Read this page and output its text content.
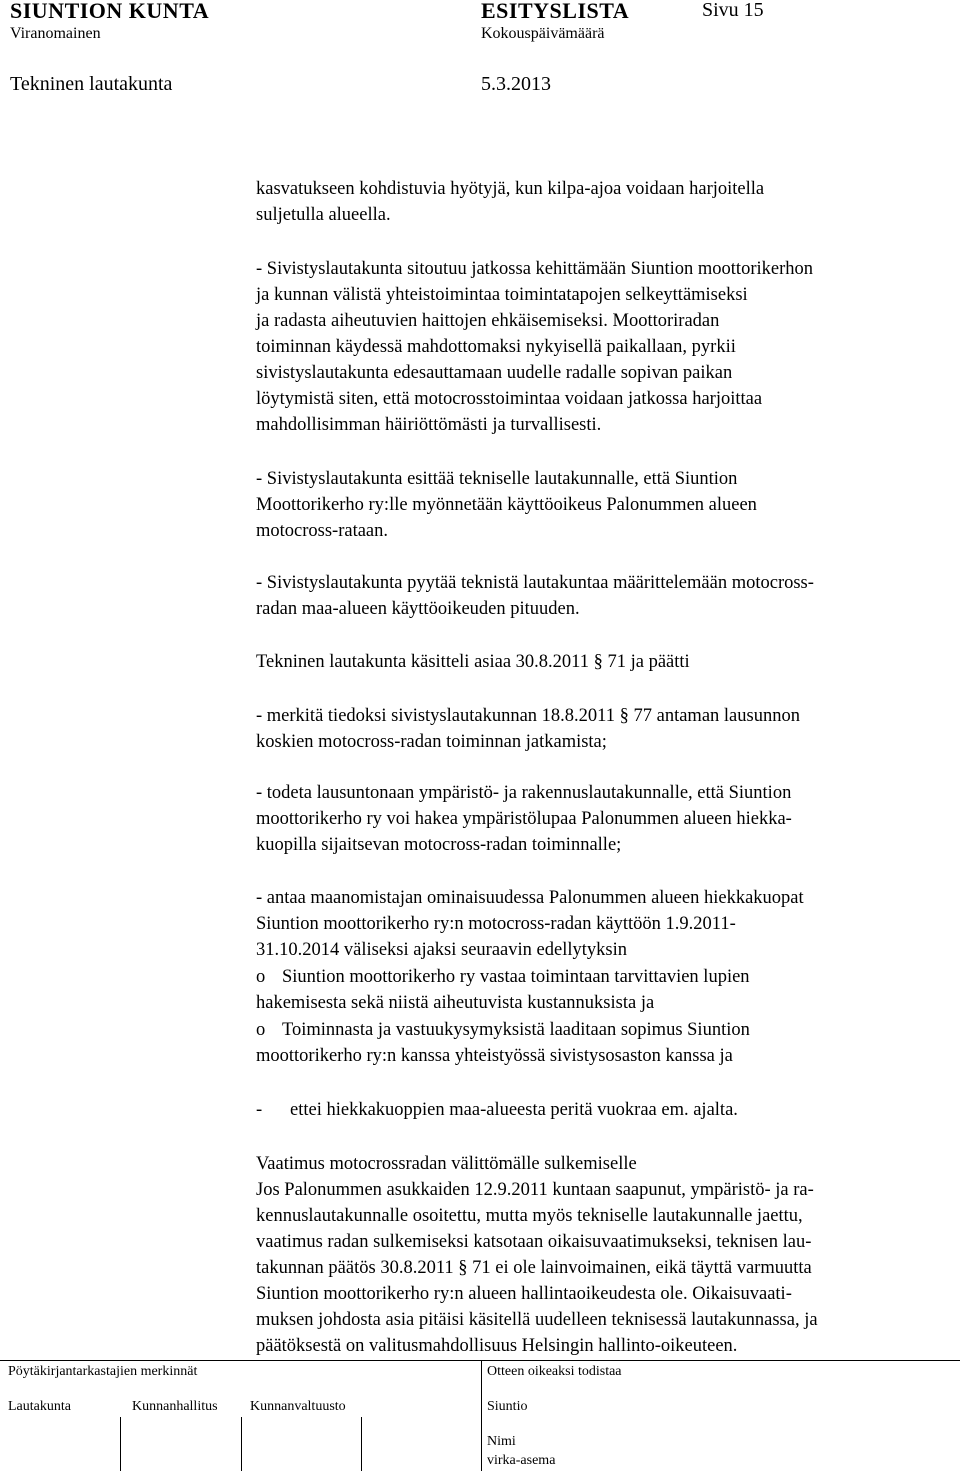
SIUNTION KUNTA	ESITYSLISTA	Sivu 15
Viranomainen	Kokouspäivämäärä
Tekninen lautakunta	5.3.2013
kasvatukseen kohdistuvia hyötyjä, kun kilpa-ajoa voidaan harjoitella
suljetulla alueella.
- Sivistyslautakunta sitoutuu jatkossa kehittämään Siuntion moottorikerhon
ja kunnan välistä yhteistoimintaa toimintatapojen selkeyttämiseksi
ja radasta aiheutuvien haittojen ehkäisemiseksi. Moottoriradan
toiminnan käydessä mahdottomaksi nykyisellä paikallaan, pyrkii
sivistyslautakunta edesauttamaan uudelle radalle sopivan paikan
löytymistä siten, että motocrosstoimintaa voidaan jatkossa harjoittaa
mahdollisimman häiriöttömästi ja turvallisesti.
- Sivistyslautakunta esittää tekniselle lautakunnalle, että Siuntion
Moottorikerho ry:lle myönnetään käyttöoikeus Palonummen alueen
motocross-rataan.
- Sivistyslautakunta pyytää teknistä lautakuntaa määrittelemään motocross-
radan maa-alueen käyttöoikeuden pituuden.
Tekninen lautakunta käsitteli asiaa 30.8.2011 § 71 ja päätti
- merkitä tiedoksi sivistyslautakunnan 18.8.2011 § 77 antaman lausunnon
koskien motocross-radan toiminnan jatkamista;
- todeta lausuntonaan ympäristö- ja rakennuslautakunnalle, että Siuntion
moottorikerho ry voi hakea ympäristölupaa Palonummen alueen hiekka-
kuopilla sijaitsevan motocross-radan toiminnalle;
- antaa maanomistajan ominaisuudessa Palonummen alueen hiekkakuopat
Siuntion moottorikerho ry:n motocross-radan käyttöön 1.9.2011-
31.10.2014 väliseksi ajaksi seuraavin edellytyksin
o Siuntion moottorikerho ry vastaa toimintaan tarvittavien lupien
hakemisesta sekä niistä aiheutuvista kustannuksista ja
o Toiminnasta ja vastuukysymyksistä laaditaan sopimus Siuntion
moottorikerho ry:n kanssa yhteistyössä sivistysosaston kanssa ja
- ettei hiekkakuoppien maa-alueesta peritä vuokraa em. ajalta.
Vaatimus motocrossradan välittömälle sulkemiselle
Jos Palonummen asukkaiden 12.9.2011 kuntaan saapunut, ympäristö- ja ra-
kennuslautakunnalle osoitettu, mutta myös tekniselle lautakunnalle jaettu,
vaatimus radan sulkemiseksi katsotaan oikaisuvaatimukseksi, teknisen lau-
takunnan päätös 30.8.2011 § 71 ei ole lainvoimainen, eikä täyttä varmuutta
Siuntion moottorikerho ry:n alueen hallintaoikeudesta ole. Oikaisuvaati-
muksen johdosta asia pitäisi käsitellä uudelleen teknisessä lautakunnassa, ja
päätöksestä on valitusmahdollisuus Helsingin hallinto-oikeuteen.
Pöytäkirjantarkastajien merkinnät	Otteen oikeaksi todistaa
Lautakunta	Kunnanhallitus Kunnanvaltuusto	Siuntio
Nimi
virka-asema
